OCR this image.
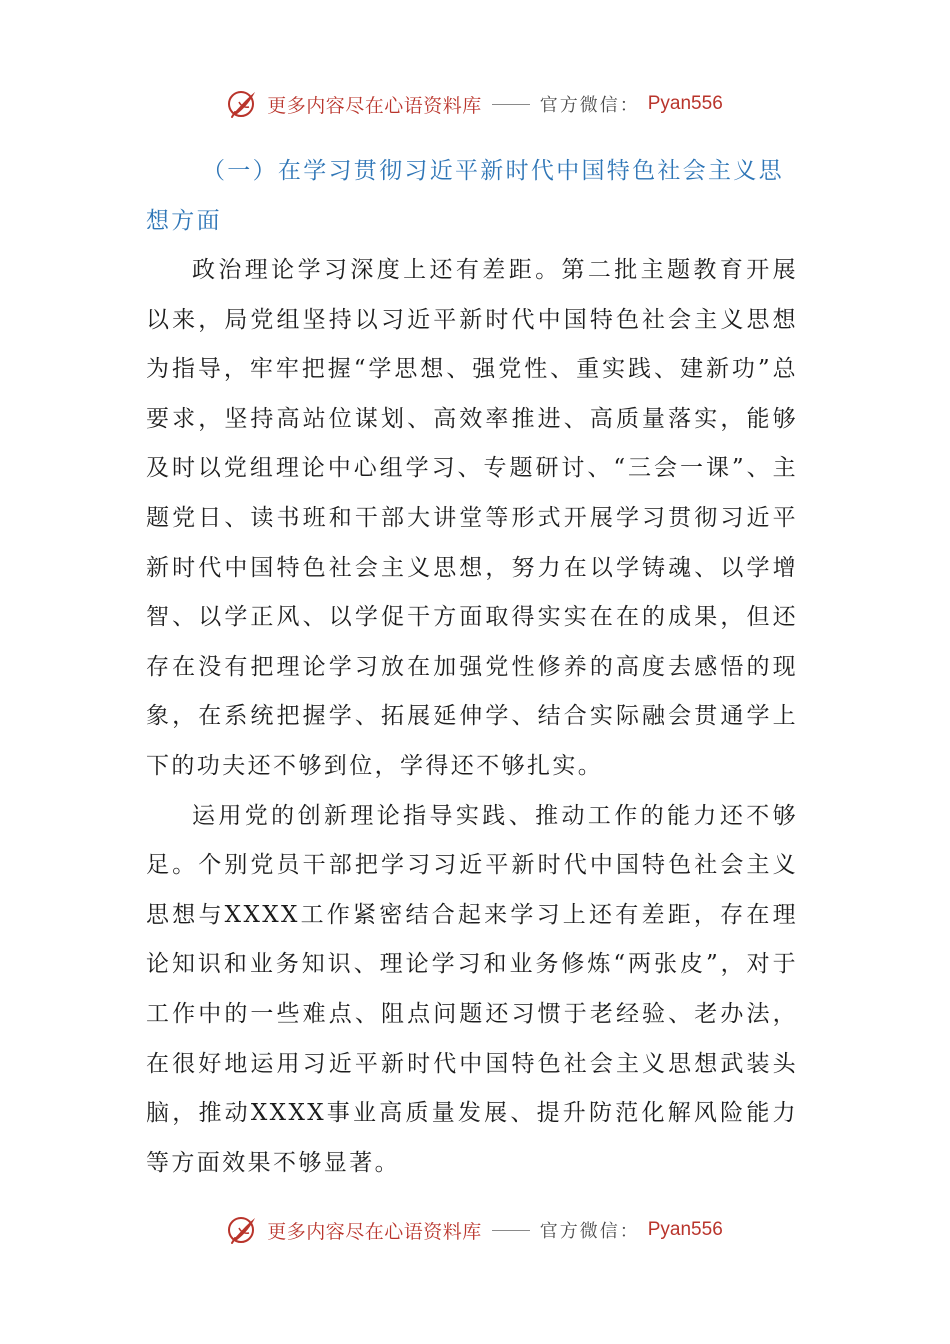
更多内容尽在心语资料库	官方微信： Pyan556

（一）在学习贯彻习近平新时代中国特色社会主义思想方面

政治理论学习深度上还有差距。第二批主题教育开展以来，局党组坚持以习近平新时代中国特色社会主义思想为指导，牢牢把握“学思想、强党性、重实践、建新功”总要求，坚持高站位谋划、高效率推进、高质量落实，能够及时以党组理论中心组学习、专题研讨、“三会一课”、主题党日、读书班和干部大讲堂等形式开展学习贯彻习近平新时代中国特色社会主义思想，努力在以学铸魂、以学增智、以学正风、以学促干方面取得实实在在的成果，但还存在没有把理论学习放在加强党性修养的高度去感悟的现象，在系统把握学、拓展延伸学、结合实际融会贯通学上下的功夫还不够到位，学得还不够扎实。

运用党的创新理论指导实践、推动工作的能力还不够足。个别党员干部把学习习近平新时代中国特色社会主义思想与XXXX工作紧密结合起来学习上还有差距，存在理论知识和业务知识、理论学习和业务修炼“两张皮”，对于工作中的一些难点、阻点问题还习惯于老经验、老办法，在很好地运用习近平新时代中国特色社会主义思想武装头脑，推动XXXX事业高质量发展、提升防范化解风险能力等方面效果不够显著。

更多内容尽在心语资料库	官方微信： Pyan556
